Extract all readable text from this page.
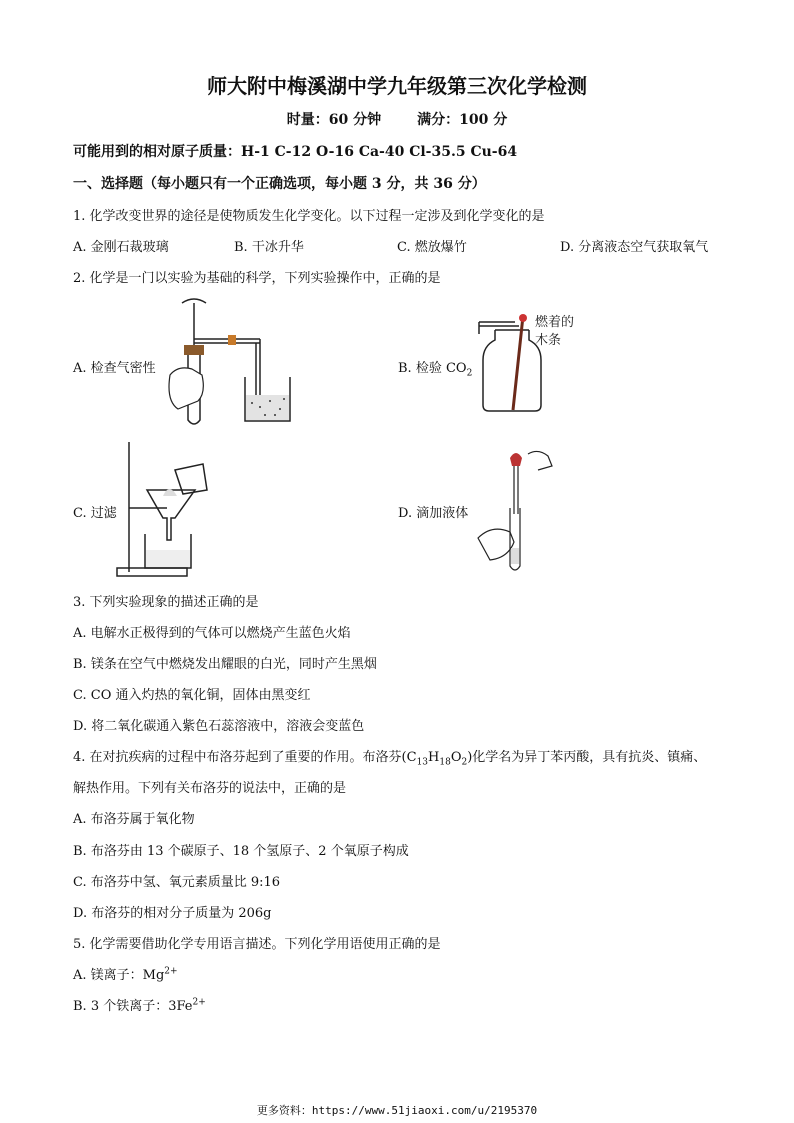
师大附中梅溪湖中学九年级第三次化学检测
时量：60 分钟	满分：100 分
可能用到的相对原子质量：H-1 C-12 O-16 Ca-40 Cl-35.5 Cu-64
一、选择题（每小题只有一个正确选项，每小题 3 分，共 36 分）
1. 化学改变世界的途径是使物质发生化学变化。以下过程一定涉及到化学变化的是
A. 金刚石裁玻璃	B. 干冰升华	C. 燃放爆竹	D. 分离液态空气获取氧气
2. 化学是一门以实验为基础的科学，下列实验操作中，正确的是
A. 检查气密性	B. 检验 $CO_2$
C. 过滤	D. 滴加液体
燃着的
木条
3. 下列实验现象的描述正确的是
A. 电解水正极得到的气体可以燃烧产生蓝色火焰
B. 镁条在空气中燃烧发出耀眼的白光，同时产生黑烟
C. CO 通入灼热的氧化铜，固体由黑变红
D. 将二氧化碳通入紫色石蕊溶液中，溶液会变蓝色
4. 在对抗疾病的过程中布洛芬起到了重要的作用。布洛芬$(C_{13}H_{18}O_2)$化学名为异丁苯丙酸，具有抗炎、镇痛、
解热作用。下列有关布洛芬的说法中，正确的是
A. 布洛芬属于氧化物
B. 布洛芬由 13 个碳原子、18 个氢原子、2 个氧原子构成
C. 布洛芬中氢、氧元素质量比 9:16
D. 布洛芬的相对分子质量为 206g
5. 化学需要借助化学专用语言描述。下列化学用语使用正确的是
A. 镁离子：$Mg^{2+}$
B. 3 个铁离子：$3Fe^{2+}$
更多资料：https://www.51jiaoxi.com/u/2195370
